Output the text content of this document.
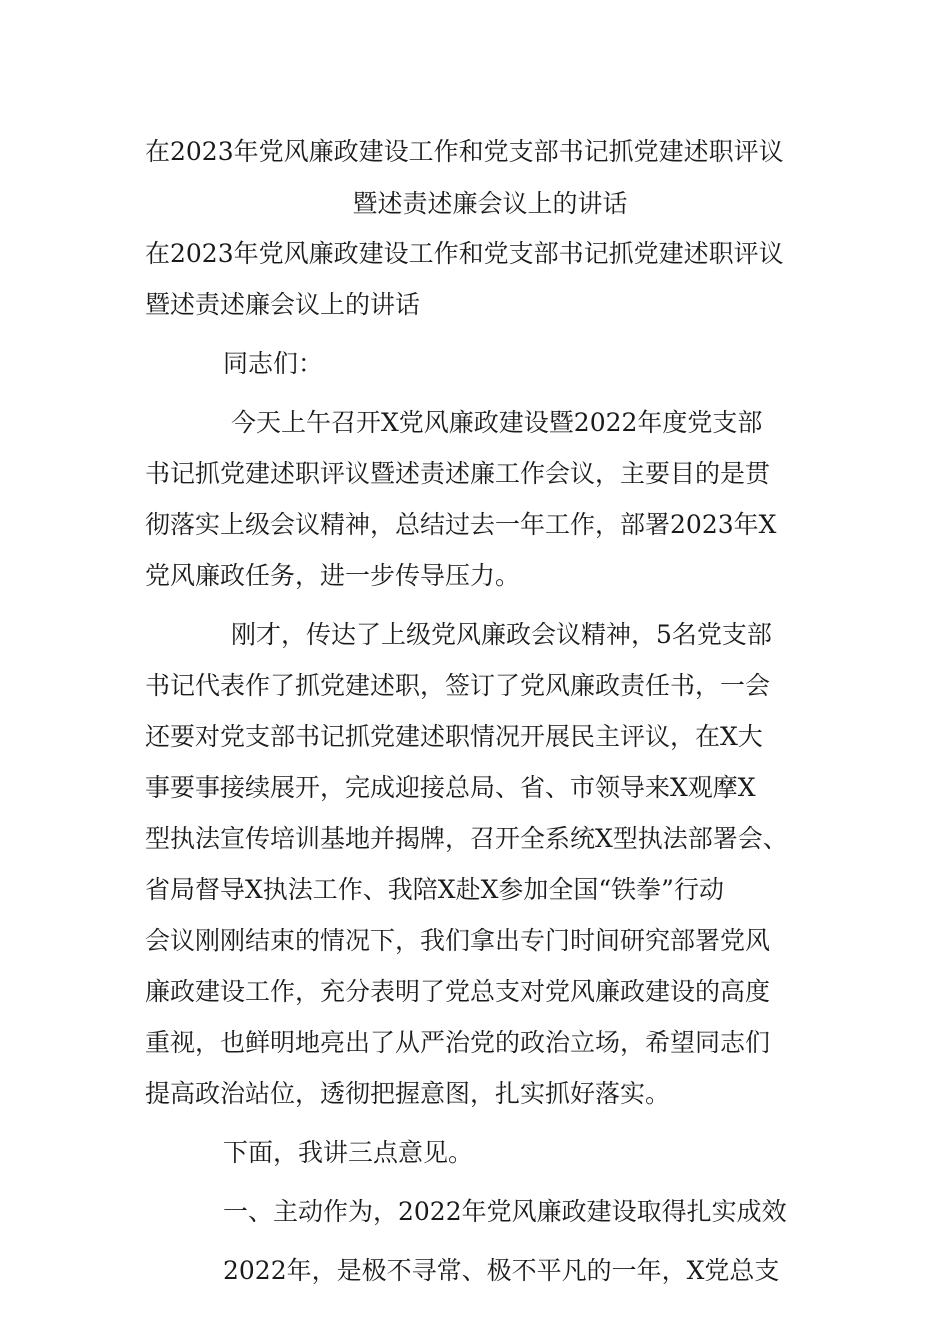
在2023年党风廉政建设工作和党支部书记抓党建述职评议
暨述责述廉会议上的讲话
在2023年党风廉政建设工作和党支部书记抓党建述职评议
暨述责述廉会议上的讲话
同志们：
今天上午召开X党风廉政建设暨2022年度党支部
书记抓党建述职评议暨述责述廉工作会议，主要目的是贯
彻落实上级会议精神，总结过去一年工作，部署2023年X
党风廉政任务，进一步传导压力。
刚才，传达了上级党风廉政会议精神，5名党支部
书记代表作了抓党建述职，签订了党风廉政责任书，一会
还要对党支部书记抓党建述职情况开展民主评议，在X大
事要事接续展开，完成迎接总局、省、市领导来X观摩X
型执法宣传培训基地并揭牌，召开全系统X型执法部署会、
省局督导X执法工作、我陪X赴X参加全国“铁拳”行动
会议刚刚结束的情况下，我们拿出专门时间研究部署党风
廉政建设工作，充分表明了党总支对党风廉政建设的高度
重视，也鲜明地亮出了从严治党的政治立场，希望同志们
提高政治站位，透彻把握意图，扎实抓好落实。
下面，我讲三点意见。
一、主动作为，2022年党风廉政建设取得扎实成效
2022年，是极不寻常、极不平凡的一年，X党总支
